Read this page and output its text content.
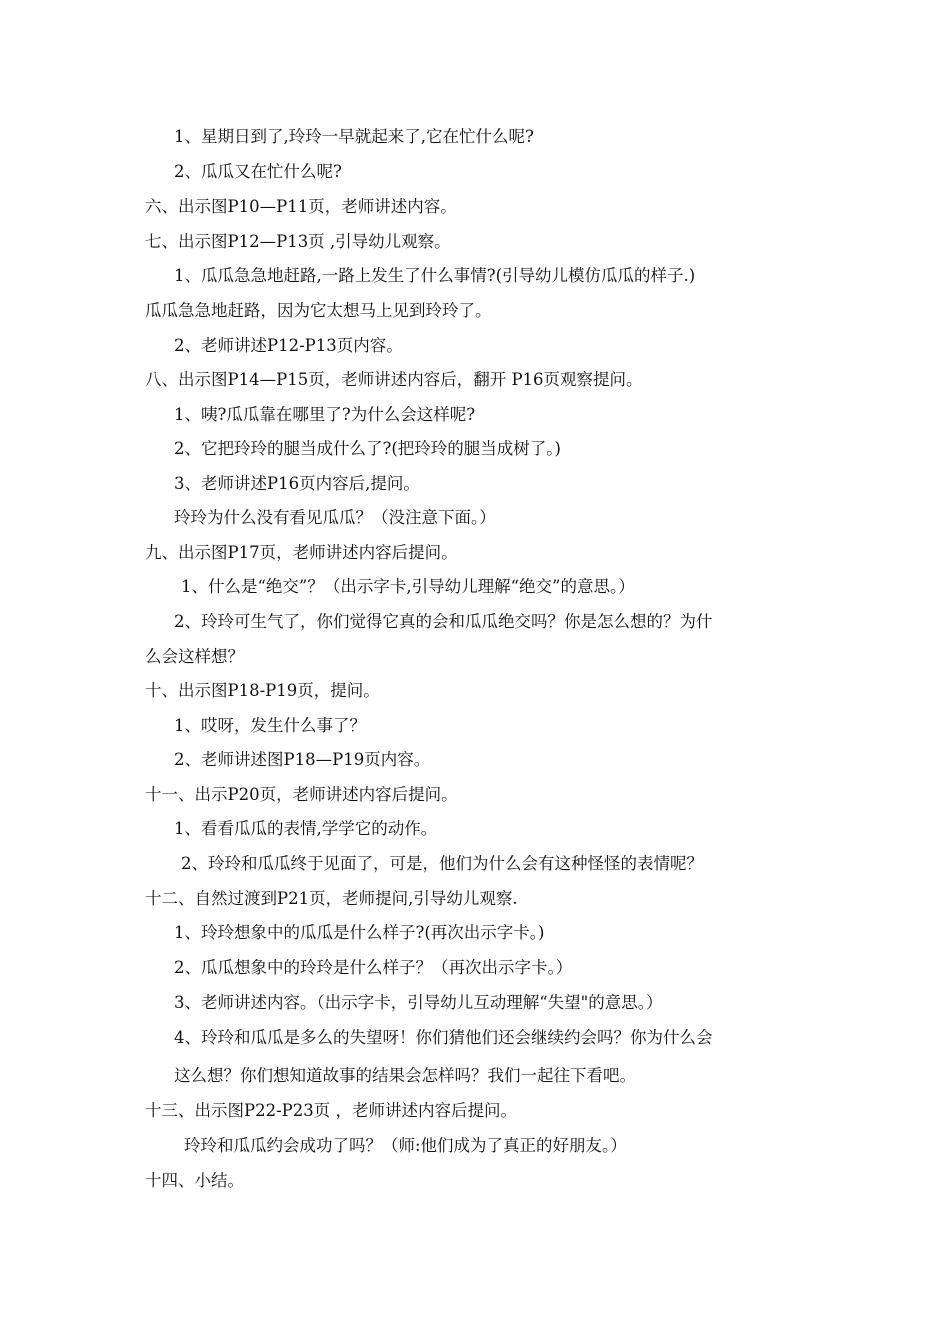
1、星期日到了,玲玲一早就起来了,它在忙什么呢?
2、瓜瓜又在忙什么呢?
六、出示图P10—P11页，老师讲述内容。
七、出示图P12—P13页 ,引导幼儿观察。
1、瓜瓜急急地赶路,一路上发生了什么事情?(引导幼儿模仿瓜瓜的样子.)
瓜瓜急急地赶路，因为它太想马上见到玲玲了。
2、老师讲述P12-P13页内容。
八、出示图P14—P15页，老师讲述内容后，翻开 P16页观察提问。
1、咦?瓜瓜靠在哪里了?为什么会这样呢?
2、它把玲玲的腿当成什么了?(把玲玲的腿当成树了。)
3、老师讲述P16页内容后,提问。
玲玲为什么没有看见瓜瓜？（没注意下面。）
九、出示图P17页，老师讲述内容后提问。
1、什么是“绝交”？（出示字卡,引导幼儿理解“绝交”的意思。）
2、玲玲可生气了，你们觉得它真的会和瓜瓜绝交吗？你是怎么想的？为什
么会这样想？
十、出示图P18-P19页，提问。
1、哎呀，发生什么事了？
2、老师讲述图P18—P19页内容。
十一、出示P20页，老师讲述内容后提问。
1、看看瓜瓜的表情,学学它的动作。
2、玲玲和瓜瓜终于见面了，可是，他们为什么会有这种怪怪的表情呢？
十二、自然过渡到P21页，老师提问,引导幼儿观察.
1、玲玲想象中的瓜瓜是什么样子?(再次出示字卡。)
2、瓜瓜想象中的玲玲是什么样子？（再次出示字卡。）
3、老师讲述内容。（出示字卡，引导幼儿互动理解“失望"的意思。）
4、玲玲和瓜瓜是多么的失望呀！你们猜他们还会继续约会吗？你为什么会
这么想？你们想知道故事的结果会怎样吗？我们一起往下看吧。
十三、出示图P22-P23页 ，老师讲述内容后提问。
玲玲和瓜瓜约会成功了吗？（师:他们成为了真正的好朋友。）
十四、小结。
